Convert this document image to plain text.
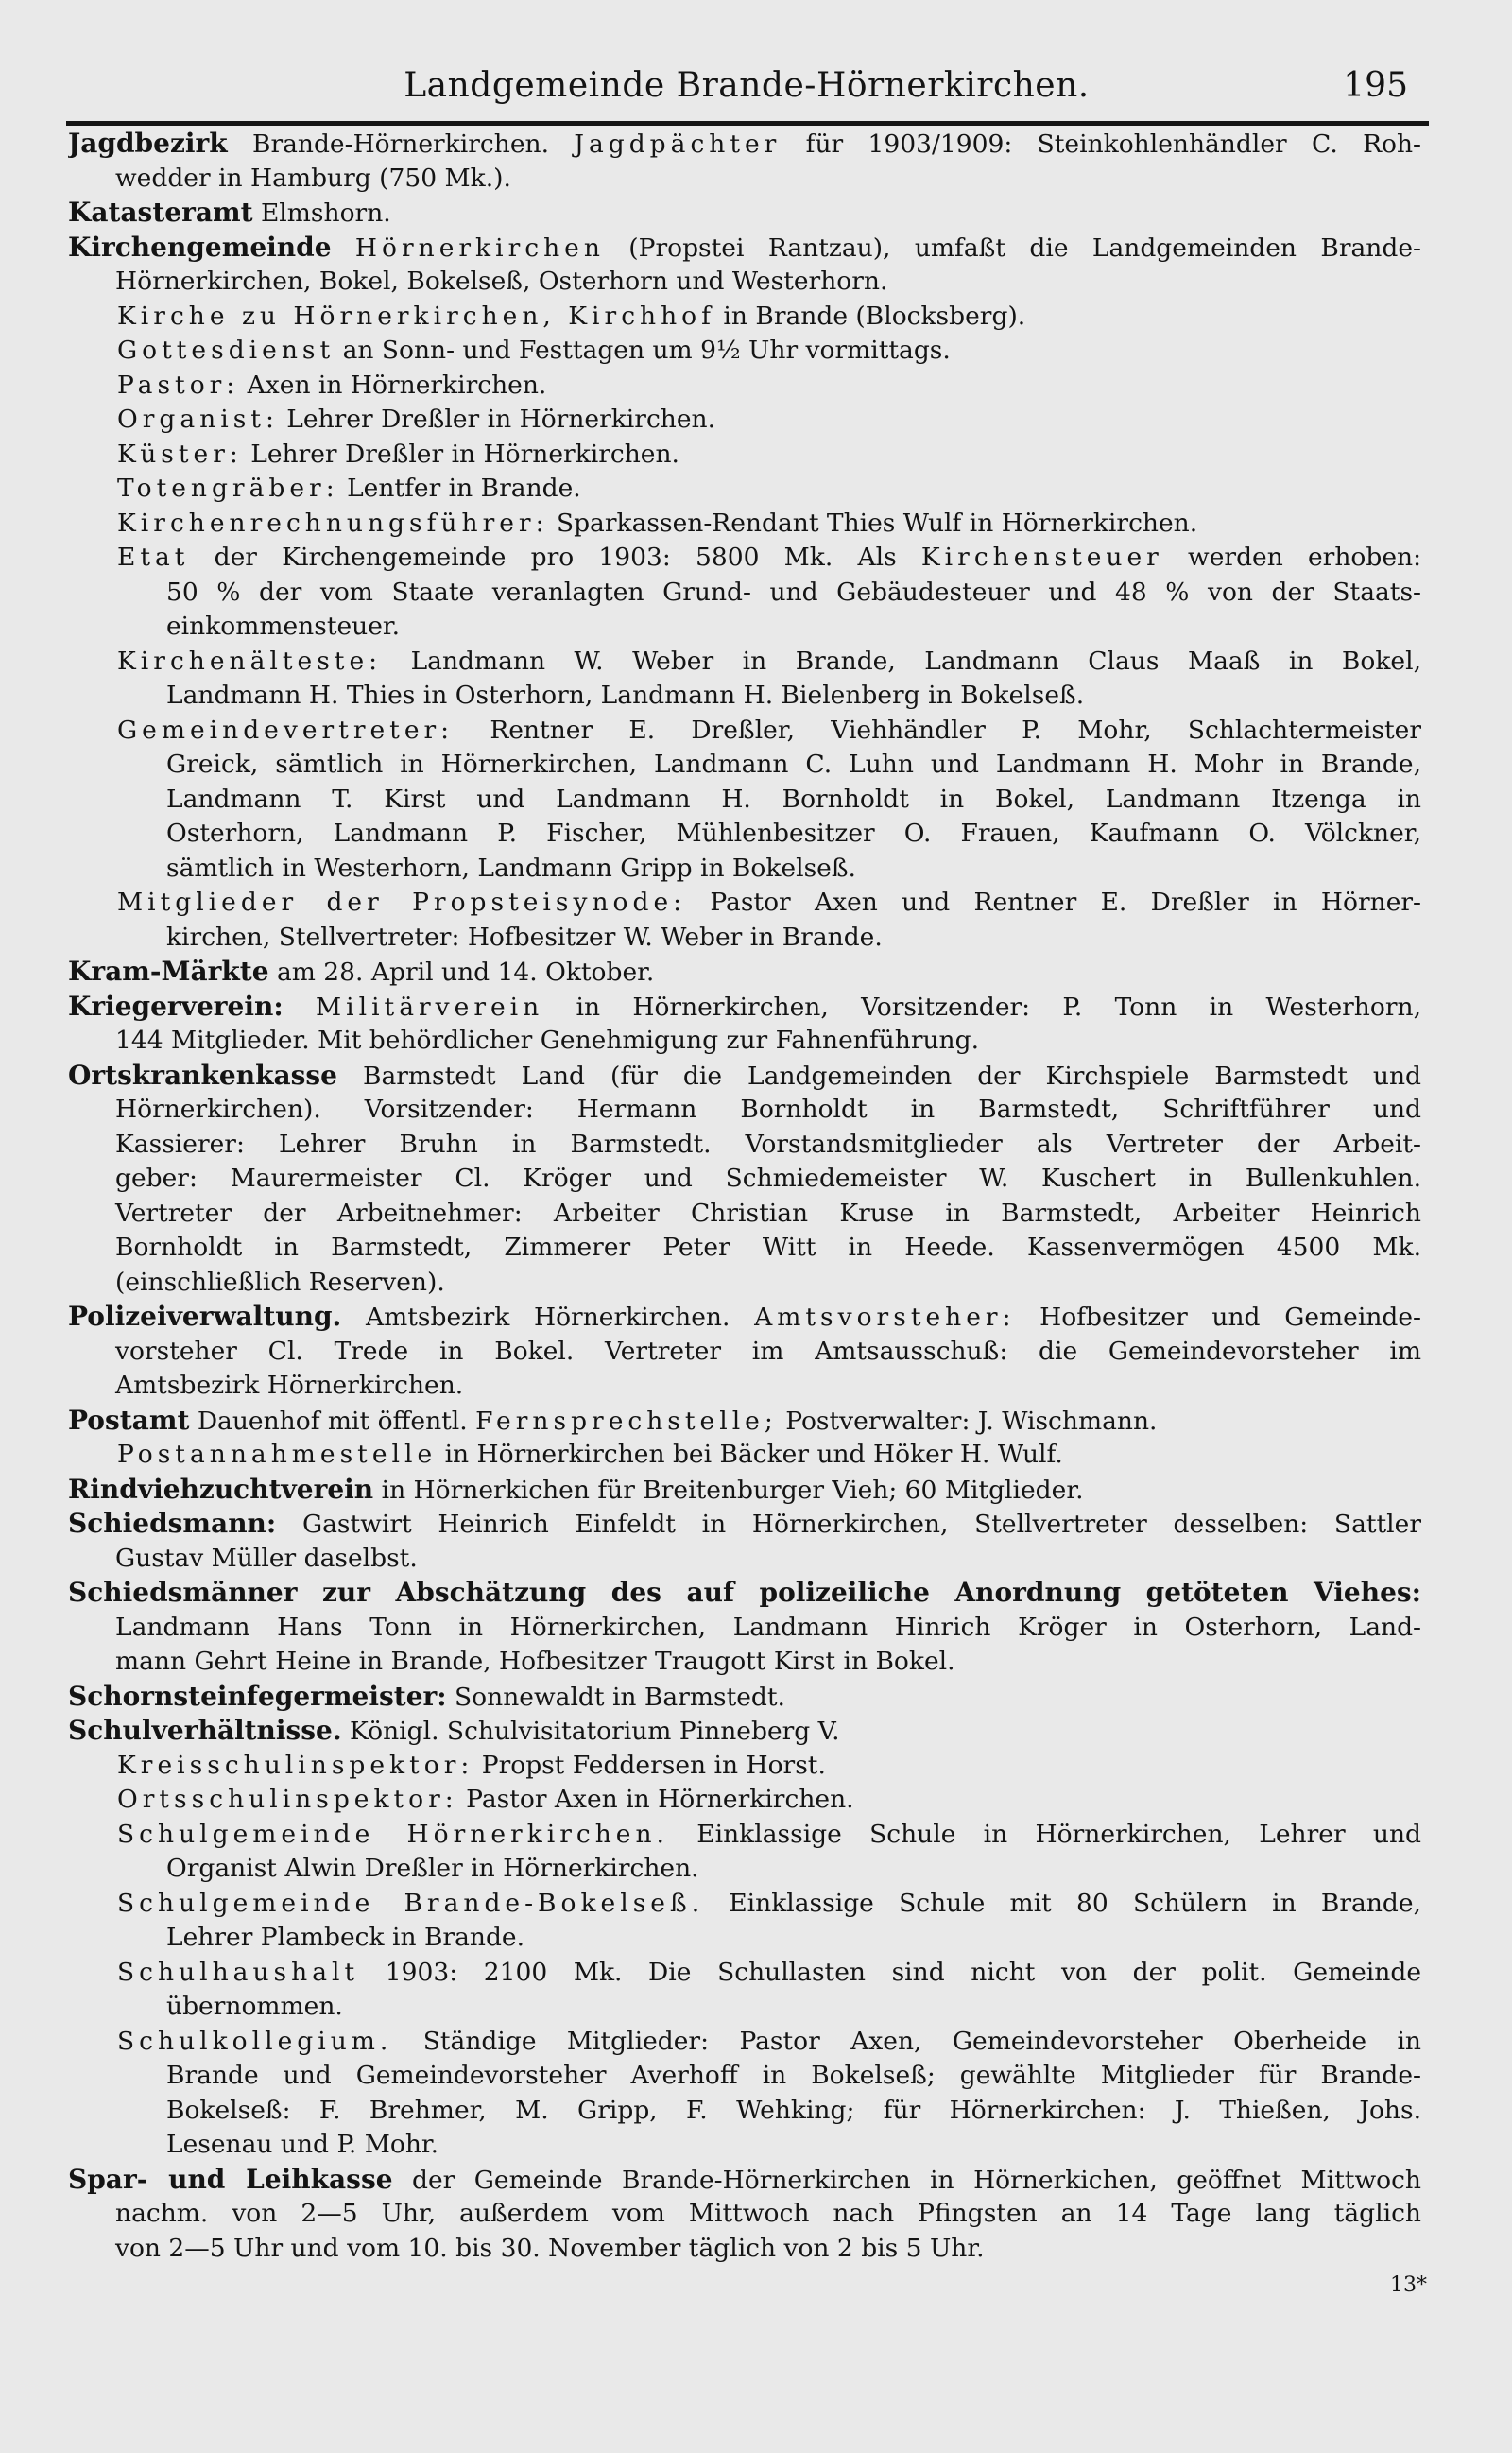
Landgemeinde Brande-Hörnerkirchen.	195
Jagdbezirk Brande-Hörnerkirchen. Jagdpächter für 1903/1909: Steinkohlenhändler C. Roh-
wedder in Hamburg (750 Mk.).
Katasteramt Elmshorn.
Kirchengemeinde Hörnerkirchen (Propstei Rantzau), umfaßt die Landgemeinden Brande-
Hörnerkirchen, Bokel, Bokelseß, Osterhorn und Westerhorn.
Kirche zu Hörnerkirchen, Kirchhof in Brande (Blocksberg).
Gottesdienst an Sonn- und Festtagen um 9½ Uhr vormittags.
Pastor: Axen in Hörnerkirchen.
Organist: Lehrer Dreßler in Hörnerkirchen.
Küster: Lehrer Dreßler in Hörnerkirchen.
Totengräber: Lentfer in Brande.
Kirchenrechnungsführer: Sparkassen-Rendant Thies Wulf in Hörnerkirchen.
Etat der Kirchengemeinde pro 1903: 5800 Mk. Als Kirchensteuer werden erhoben:
50 % der vom Staate veranlagten Grund- und Gebäudesteuer und 48 % von der Staats-
einkommensteuer.
Kirchenälteste: Landmann W. Weber in Brande, Landmann Claus Maaß in Bokel,
Landmann H. Thies in Osterhorn, Landmann H. Bielenberg in Bokelseß.
Gemeindevertreter: Rentner E. Dreßler, Viehhändler P. Mohr, Schlachtermeister
Greick, sämtlich in Hörnerkirchen, Landmann C. Luhn und Landmann H. Mohr in Brande,
Landmann T. Kirst und Landmann H. Bornholdt in Bokel, Landmann Itzenga in
Osterhorn, Landmann P. Fischer, Mühlenbesitzer O. Frauen, Kaufmann O. Völckner,
sämtlich in Westerhorn, Landmann Gripp in Bokelseß.
Mitglieder der Propsteisynode: Pastor Axen und Rentner E. Dreßler in Hörner-
kirchen, Stellvertreter: Hofbesitzer W. Weber in Brande.
Kram-Märkte am 28. April und 14. Oktober.
Kriegerverein: Militärverein in Hörnerkirchen, Vorsitzender: P. Tonn in Westerhorn,
144 Mitglieder. Mit behördlicher Genehmigung zur Fahnenführung.
Ortskrankenkasse Barmstedt Land (für die Landgemeinden der Kirchspiele Barmstedt und
Hörnerkirchen). Vorsitzender: Hermann Bornholdt in Barmstedt, Schriftführer und
Kassierer: Lehrer Bruhn in Barmstedt. Vorstandsmitglieder als Vertreter der Arbeit-
geber: Maurermeister Cl. Kröger und Schmiedemeister W. Kuschert in Bullenkuhlen.
Vertreter der Arbeitnehmer: Arbeiter Christian Kruse in Barmstedt, Arbeiter Heinrich
Bornholdt in Barmstedt, Zimmerer Peter Witt in Heede. Kassenvermögen 4500 Mk.
(einschließlich Reserven).
Polizeiverwaltung. Amtsbezirk Hörnerkirchen. Amtsvorsteher: Hofbesitzer und Gemeinde-
vorsteher Cl. Trede in Bokel. Vertreter im Amtsausschuß: die Gemeindevorsteher im
Amtsbezirk Hörnerkirchen.
Postamt Dauenhof mit öffentl. Fernsprechstelle; Postverwalter: J. Wischmann.
Postannahmestelle in Hörnerkirchen bei Bäcker und Höker H. Wulf.
Rindviehzuchtverein in Hörnerkichen für Breitenburger Vieh; 60 Mitglieder.
Schiedsmann: Gastwirt Heinrich Einfeldt in Hörnerkirchen, Stellvertreter desselben: Sattler
Gustav Müller daselbst.
Schiedsmänner zur Abschätzung des auf polizeiliche Anordnung getöteten Viehes:
Landmann Hans Tonn in Hörnerkirchen, Landmann Hinrich Kröger in Osterhorn, Land-
mann Gehrt Heine in Brande, Hofbesitzer Traugott Kirst in Bokel.
Schornsteinfegermeister: Sonnewaldt in Barmstedt.
Schulverhältnisse. Königl. Schulvisitatorium Pinneberg V.
Kreisschulinspektor: Propst Feddersen in Horst.
Ortsschulinspektor: Pastor Axen in Hörnerkirchen.
Schulgemeinde Hörnerkirchen. Einklassige Schule in Hörnerkirchen, Lehrer und
Organist Alwin Dreßler in Hörnerkirchen.
Schulgemeinde Brande-Bokelseß. Einklassige Schule mit 80 Schülern in Brande,
Lehrer Plambeck in Brande.
Schulhaushalt 1903: 2100 Mk. Die Schullasten sind nicht von der polit. Gemeinde
übernommen.
Schulkollegium. Ständige Mitglieder: Pastor Axen, Gemeindevorsteher Oberheide in
Brande und Gemeindevorsteher Averhoff in Bokelseß; gewählte Mitglieder für Brande-
Bokelseß: F. Brehmer, M. Gripp, F. Wehking; für Hörnerkirchen: J. Thießen, Johs.
Lesenau und P. Mohr.
Spar- und Leihkasse der Gemeinde Brande-Hörnerkirchen in Hörnerkichen, geöffnet Mittwoch
nachm. von 2—5 Uhr, außerdem vom Mittwoch nach Pfingsten an 14 Tage lang täglich
von 2—5 Uhr und vom 10. bis 30. November täglich von 2 bis 5 Uhr.
13*
